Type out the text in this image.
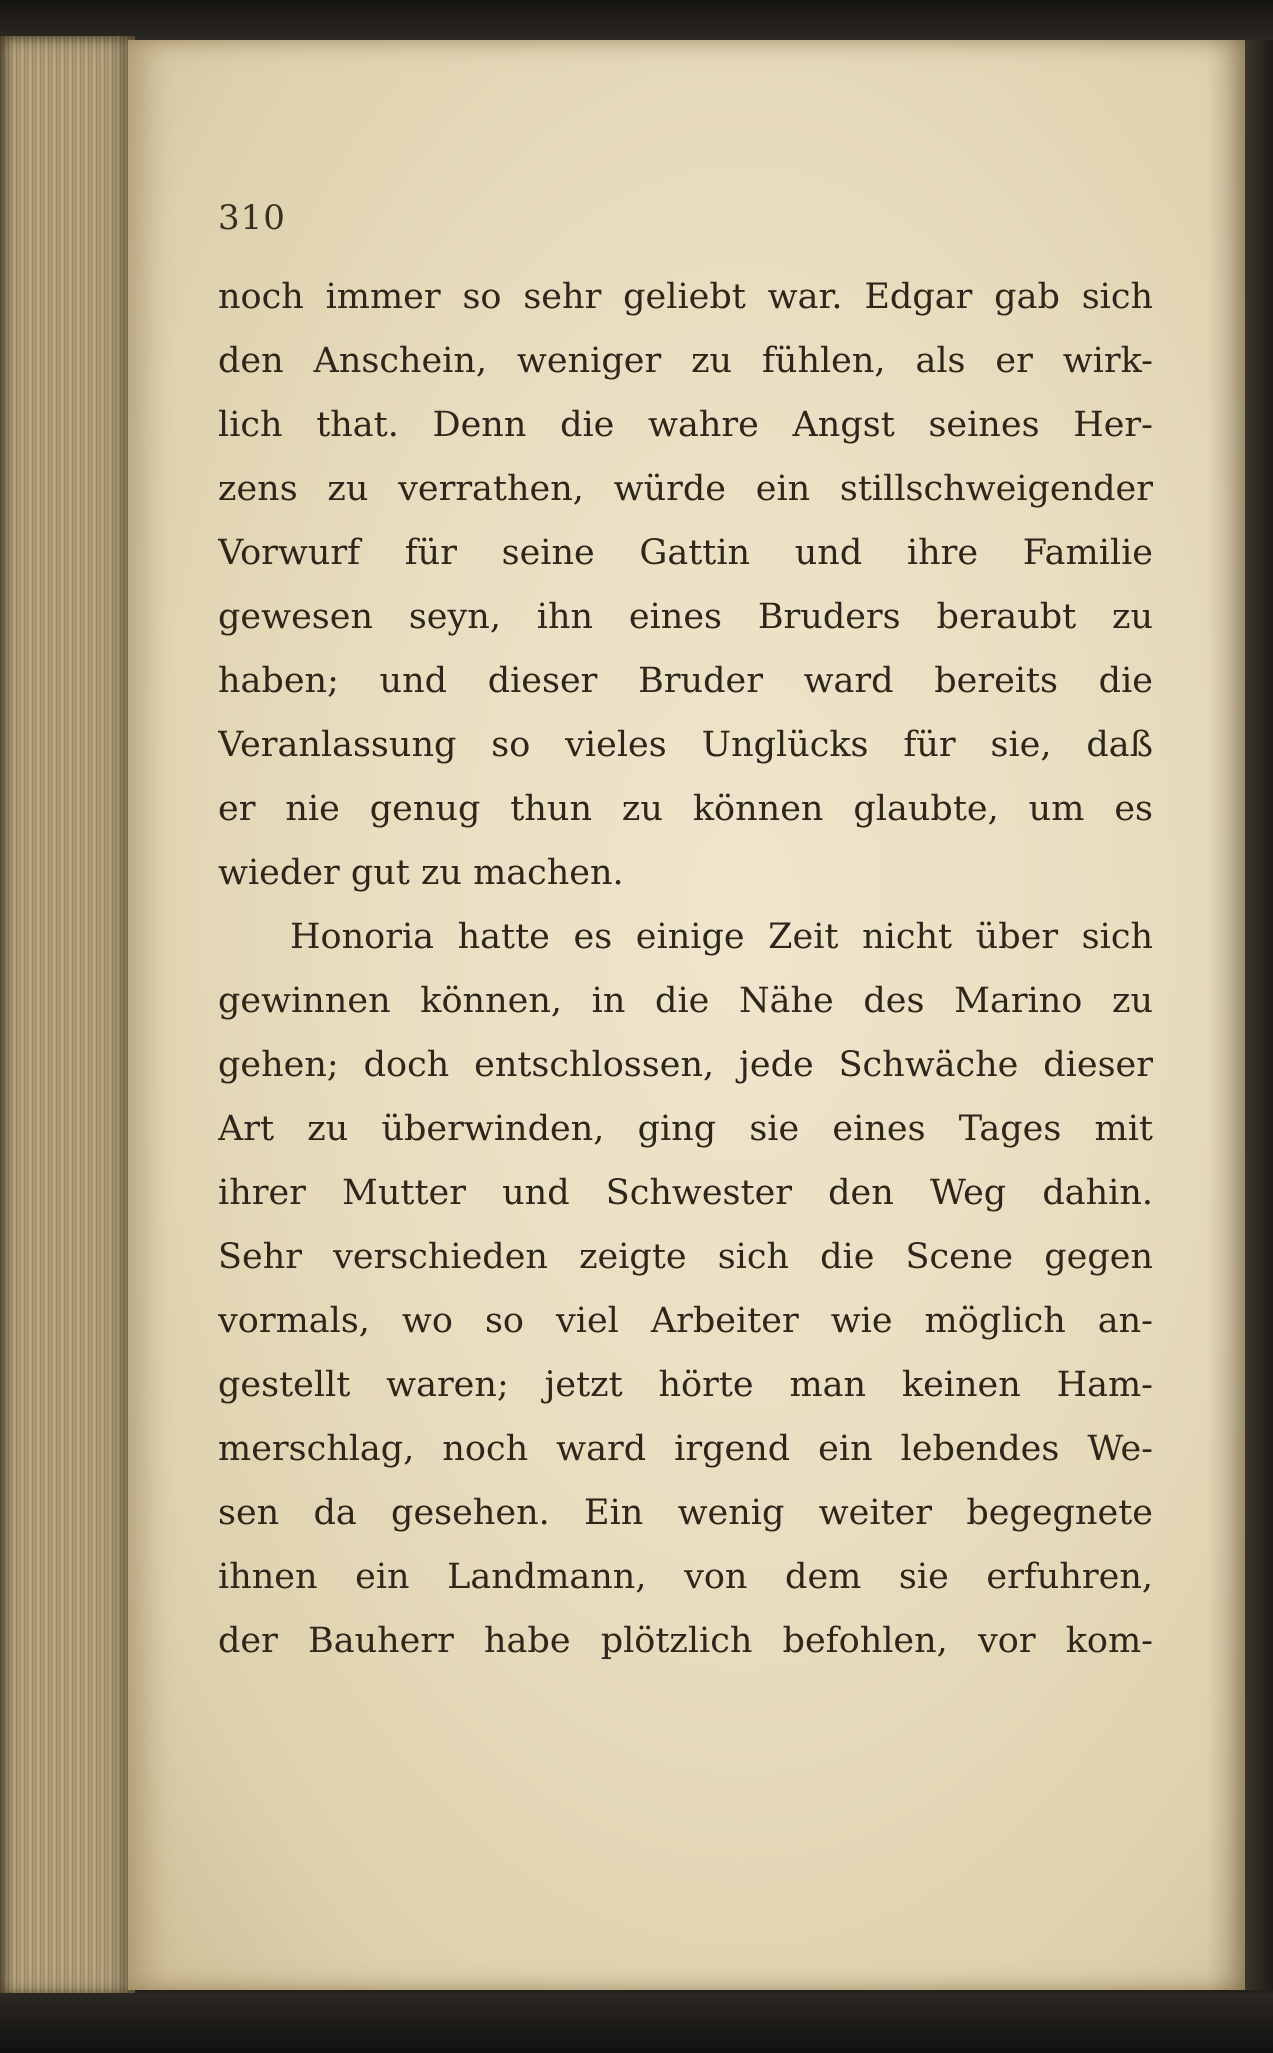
310
noch immer so sehr geliebt war. Edgar gab sich
den Anschein, weniger zu fühlen, als er wirk-
lich that. Denn die wahre Angst seines Her-
zens zu verrathen, würde ein stillschweigender
Vorwurf für seine Gattin und ihre Familie
gewesen seyn, ihn eines Bruders beraubt zu
haben; und dieser Bruder ward bereits die
Veranlassung so vieles Unglücks für sie, daß
er nie genug thun zu können glaubte, um es
wieder gut zu machen.
Honoria hatte es einige Zeit nicht über sich
gewinnen können, in die Nähe des Marino zu
gehen; doch entschlossen, jede Schwäche dieser
Art zu überwinden, ging sie eines Tages mit
ihrer Mutter und Schwester den Weg dahin.
Sehr verschieden zeigte sich die Scene gegen
vormals, wo so viel Arbeiter wie möglich an-
gestellt waren; jetzt hörte man keinen Ham-
merschlag, noch ward irgend ein lebendes We-
sen da gesehen. Ein wenig weiter begegnete
ihnen ein Landmann, von dem sie erfuhren,
der Bauherr habe plötzlich befohlen, vor kom-
